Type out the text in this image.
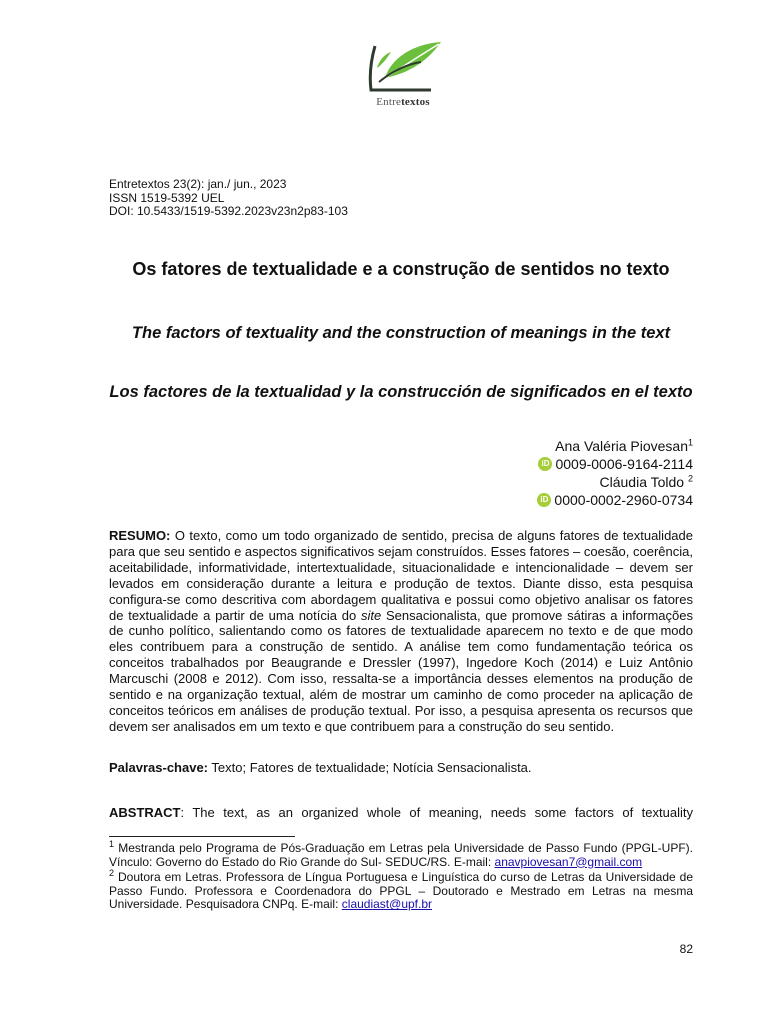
Entretextos
Entretextos 23(2): jan./ jun., 2023
ISSN 1519-5392 UEL
DOI: 10.5433/1519-5392.2023v23n2p83-103
Os fatores de textualidade e a construção de sentidos no texto
The factors of textuality and the construction of meanings in the text
Los factores de la textualidad y la construcción de significados en el texto
Ana Valéria Piovesan$^1$
iD 0009-0006-9164-2114
Cláudia Toldo $^2$
iD 0000-0002-2960-0734
RESUMO: O texto, como um todo organizado de sentido, precisa de alguns fatores de textualidade para que seu sentido e aspectos significativos sejam construídos. Esses fatores – coesão, coerência, aceitabilidade, informatividade, intertextualidade, situacionalidade e intencionalidade – devem ser levados em consideração durante a leitura e produção de textos. Diante disso, esta pesquisa configura-se como descritiva com abordagem qualitativa e possui como objetivo analisar os fatores de textualidade a partir de uma notícia do site Sensacionalista, que promove sátiras a informações de cunho político, salientando como os fatores de textualidade aparecem no texto e de que modo eles contribuem para a construção de sentido. A análise tem como fundamentação teórica os conceitos trabalhados por Beaugrande e Dressler (1997), Ingedore Koch (2014) e Luiz Antônio Marcuschi (2008 e 2012). Com isso, ressalta-se a importância desses elementos na produção de sentido e na organização textual, além de mostrar um caminho de como proceder na aplicação de conceitos teóricos em análises de produção textual. Por isso, a pesquisa apresenta os recursos que devem ser analisados em um texto e que contribuem para a construção do seu sentido.
Palavras-chave: Texto; Fatores de textualidade; Notícia Sensacionalista.
ABSTRACT: The text, as an organized whole of meaning, needs some factors of textuality

$^1$ Mestranda pelo Programa de Pós-Graduação em Letras pela Universidade de Passo Fundo (PPGL-UPF). Vínculo: Governo do Estado do Rio Grande do Sul- SEDUC/RS. E-mail: anavpiovesan7@gmail.com

$^2$ Doutora em Letras. Professora de Língua Portuguesa e Linguística do curso de Letras da Universidade de Passo Fundo. Professora e Coordenadora do PPGL – Doutorado e Mestrado em Letras na mesma Universidade. Pesquisadora CNPq. E-mail: claudiast@upf.br

82
